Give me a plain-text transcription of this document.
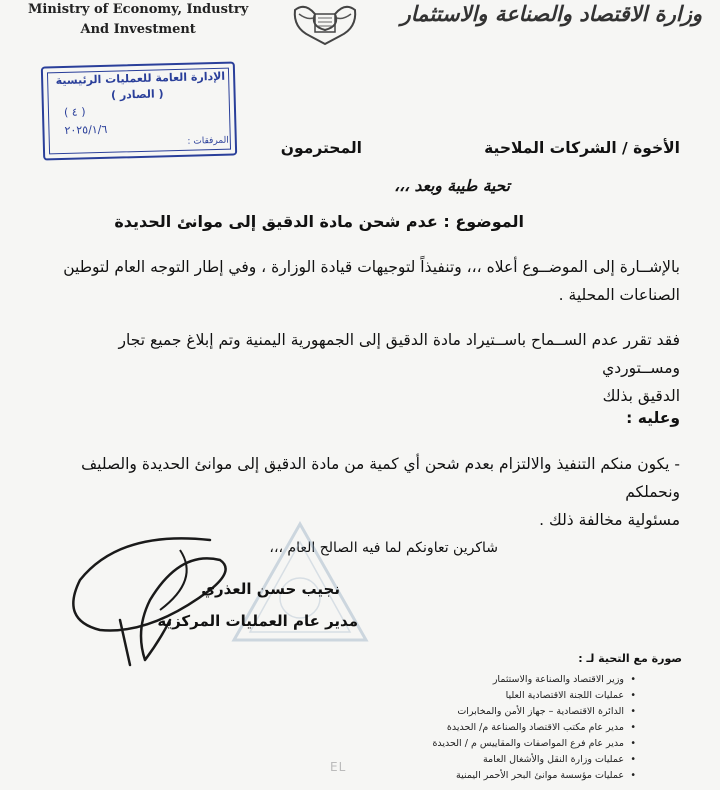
Ministry of Economy, Industry
And Investment
وزارة الاقتصاد والصناعة والاستثمار
الإدارة العامة للعمليات الرئيسية
( الصادر )
( ٤ )
٢٠٢٥/١/٦
المرفقات :	الأخوة / الشركات الملاحية
المحترمون
تحية طيبة وبعد ،،،
الموضوع : عدم شحن مادة الدقيق إلى موانئ الحديدة
بالإشــارة إلى الموضــوع أعلاه ،،، وتنفيذاً لتوجيهات قيادة الوزارة ، وفي إطار التوجه العام لتوطين
الصناعات المحلية .
فقد تقرر عدم الســماح باســتيراد مادة الدقيق إلى الجمهورية اليمنية وتم إبلاغ جميع تجار ومســتوردي
الدقيق بذلك
وعليه :
- يكون منكم التنفيذ والالتزام بعدم شحن أي كمية من مادة الدقيق إلى موانئ الحديدة والصليف ونحملكم
مسئولية مخالفة ذلك .
شاكرين تعاونكم لما فيه الصالح العام ،،،
نجيب حسن العذري
مدير عام العمليات المركزية
صورة مع التحية لـ :
• وزير الاقتصاد والصناعة والاستثمار
• عمليات اللجنة الاقتصادية العليا
• الدائرة الاقتصادية – جهاز الأمن والمخابرات
• مدير عام مكتب الاقتصاد والصناعة م/ الحديدة
• مدير عام فرع المواصفات والمقاييس م / الحديدة
• عمليات وزارة النقل والأشغال العامة
• عمليات مؤسسة موانئ البحر الأحمر اليمنية
EL
